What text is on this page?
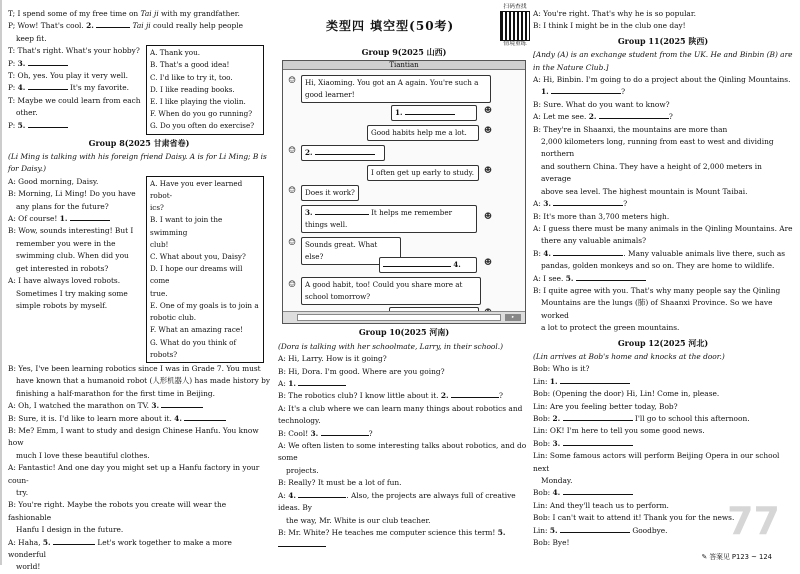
T; I spend some of my free time on Tai ji with my grandfather.
P; Wow! That's cool. 2.	Tai ji could really help people
keep fit.
T: That's right. What's your hobby?
P: 3.
T: Oh, yes. You play it very well.
P: 4.	It's my favorite.
T: Maybe we could learn from each
other.
P: 5.
A. Thank you.
B. That's a good idea!
C. I'd like to try it, too.
D. I like reading books.
E. I like playing the violin.
F. When do you go running?
G. Do you often do exercise?
Group 8(2025 甘肃省卷)
(Li Ming is talking with his foreign friend Daisy. A is for Li Ming; B is for Daisy.)
A: Good morning, Daisy.
B: Morning, Li Ming! Do you have
any plans for the future?
A: Of course! 1.
B: Wow, sounds interesting! But I
remember you were in the
swimming club. When did you
get interested in robots?
A: I have always loved robots.
Sometimes I try making some
simple robots by myself.
A. Have you ever learned robot-
ics?
B. I want to join the swimming
club!
C. What about you, Daisy?
D. I hope our dreams will come
true.
E. One of my goals is to join a
robotic club.
F. What an amazing race!
G. What do you think of robots?
B: Yes, I've been learning robotics since I was in Grade 7. You must
have known that a humanoid robot (人形机器人) has made history by
finishing a half-marathon for the first time in Beijing.
A: Oh, I watched the marathon on TV. 3.
B: Sure, it is. I'd like to learn more about it. 4.
B: Me? Emm, I want to study and design Chinese Hanfu. You know how
much I love these beautiful clothes.
A: Fantastic! And one day you might set up a Hanfu factory in your coun-
try.
B: You're right. Maybe the robots you create will wear the fashionable
Hanfu I design in the future.
A: Haha, 5.	Let's work together to make a more wonderful
world!
类型四 填空型(50考)
扫码查找
情境重练
Group 9(2025 山西)
Tiantian
☺	Hi, Xiaoming. You got an A again. You're such a good learner!
1.	☻
Good habits help me a lot.	☻
☺	2.
I often get up early to study.	☻
☺	Does it work?
3.	It helps me remember things well.
☻
☺	Sounds great. What else?
4.	☻
☺	A good habit, too! Could you share more at school tomorrow?
▸
Group 10(2025 河南)
(Dora is talking with her schoolmate, Larry, in their school.)
A: Hi, Larry. How is it going?
B: Hi, Dora. I'm good. Where are you going?
A: 1.
B: The robotics club? I know little about it. 2.	?
A: It's a club where we can learn many things about robotics and technology.
B: Cool! 3.	?
A: We often listen to some interesting talks about robotics, and do some
projects.
B: Really? It must be a lot of fun.
A: 4.	. Also, the projects are always full of creative ideas. By
the way, Mr. White is our club teacher.
B: Mr. White? He teaches me computer science this term! 5.
A: You're right. That's why he is so popular.
B: I think I might be in the club one day!
Group 11(2025 陕西)
[Andy (A) is an exchange student from the UK. He and Binbin (B) are in the Nature Club.]
A: Hi, Binbin. I'm going to do a project about the Qinling Mountains.
1.	?
B: Sure. What do you want to know?
A: Let me see. 2.	?
B: They're in Shaanxi, the mountains are more than
2,000 kilometers long, running from east to west and dividing northern
and southern China. They have a height of 2,000 meters in average
above sea level. The highest mountain is Mount Taibai.
A: 3.	?
B: It's more than 3,700 meters high.
A: I guess there must be many animals in the Qinling Mountains. Are
there any valuable animals?
B: 4.	. Many valuable animals live there, such as
pandas, golden monkeys and so on. They are home to wildlife.
A: I see. 5.
B: I quite agree with you. That's why many people say the Qinling
Mountains are the lungs (肺) of Shaanxi Province. So we have worked
a lot to protect the green mountains.
Group 12(2025 河北)
(Lin arrives at Bob's home and knocks at the door.)
Bob: Who is it?
Lin: 1.
Bob: (Opening the door) Hi, Lin! Come in, please.
Lin: Are you feeling better today, Bob?
Bob: 2.	I'll go to school this afternoon.
Lin: OK! I'm here to tell you some good news.
Bob: 3.
Lin: Some famous actors will perform Beijing Opera in our school next
Monday.
Bob: 4.
Lin: And they'll teach us to perform.
Bob: I can't wait to attend it! Thank you for the news.
Lin: 5.	Goodbye.
Bob: Bye!	77
✎ 答案见 P123 ~ 124
